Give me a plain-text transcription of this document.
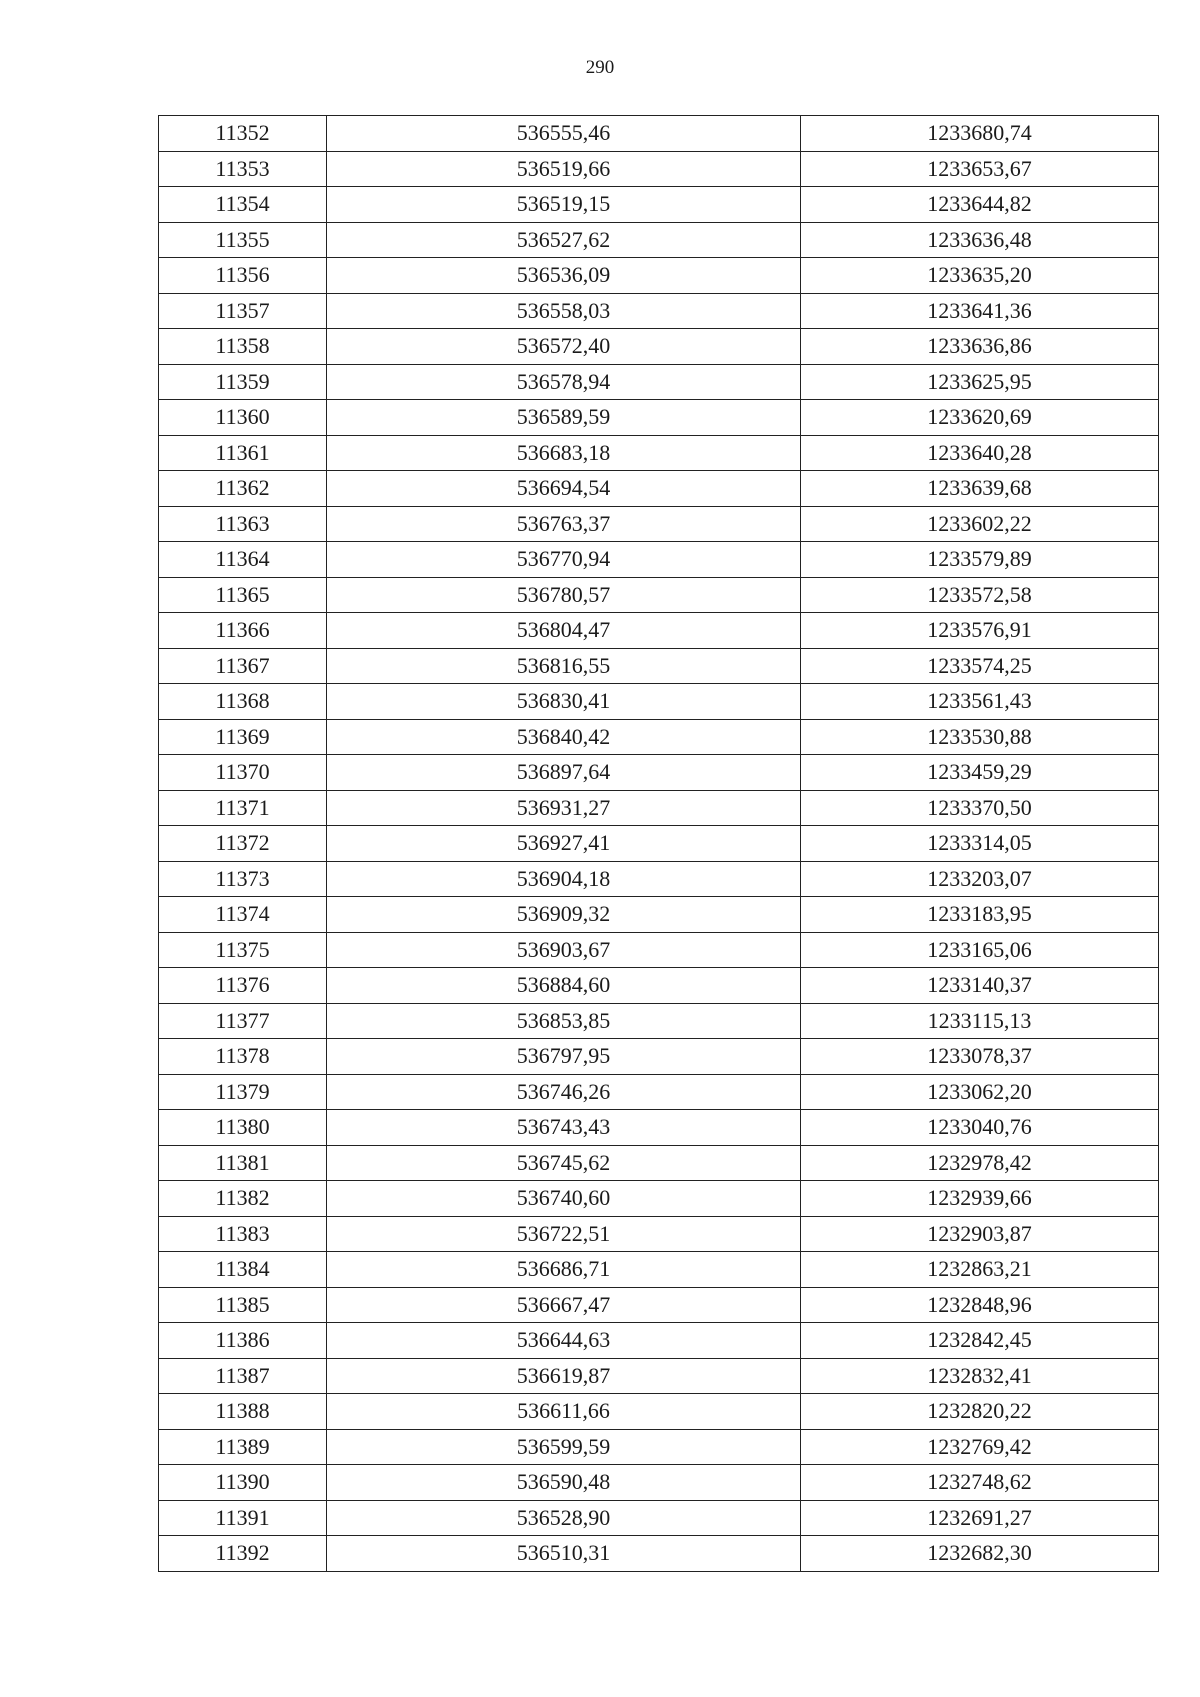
290
11352	536555,46	1233680,74
11353	536519,66	1233653,67
11354	536519,15	1233644,82
11355	536527,62	1233636,48
11356	536536,09	1233635,20
11357	536558,03	1233641,36
11358	536572,40	1233636,86
11359	536578,94	1233625,95
11360	536589,59	1233620,69
11361	536683,18	1233640,28
11362	536694,54	1233639,68
11363	536763,37	1233602,22
11364	536770,94	1233579,89
11365	536780,57	1233572,58
11366	536804,47	1233576,91
11367	536816,55	1233574,25
11368	536830,41	1233561,43
11369	536840,42	1233530,88
11370	536897,64	1233459,29
11371	536931,27	1233370,50
11372	536927,41	1233314,05
11373	536904,18	1233203,07
11374	536909,32	1233183,95
11375	536903,67	1233165,06
11376	536884,60	1233140,37
11377	536853,85	1233115,13
11378	536797,95	1233078,37
11379	536746,26	1233062,20
11380	536743,43	1233040,76
11381	536745,62	1232978,42
11382	536740,60	1232939,66
11383	536722,51	1232903,87
11384	536686,71	1232863,21
11385	536667,47	1232848,96
11386	536644,63	1232842,45
11387	536619,87	1232832,41
11388	536611,66	1232820,22
11389	536599,59	1232769,42
11390	536590,48	1232748,62
11391	536528,90	1232691,27
11392	536510,31	1232682,30
